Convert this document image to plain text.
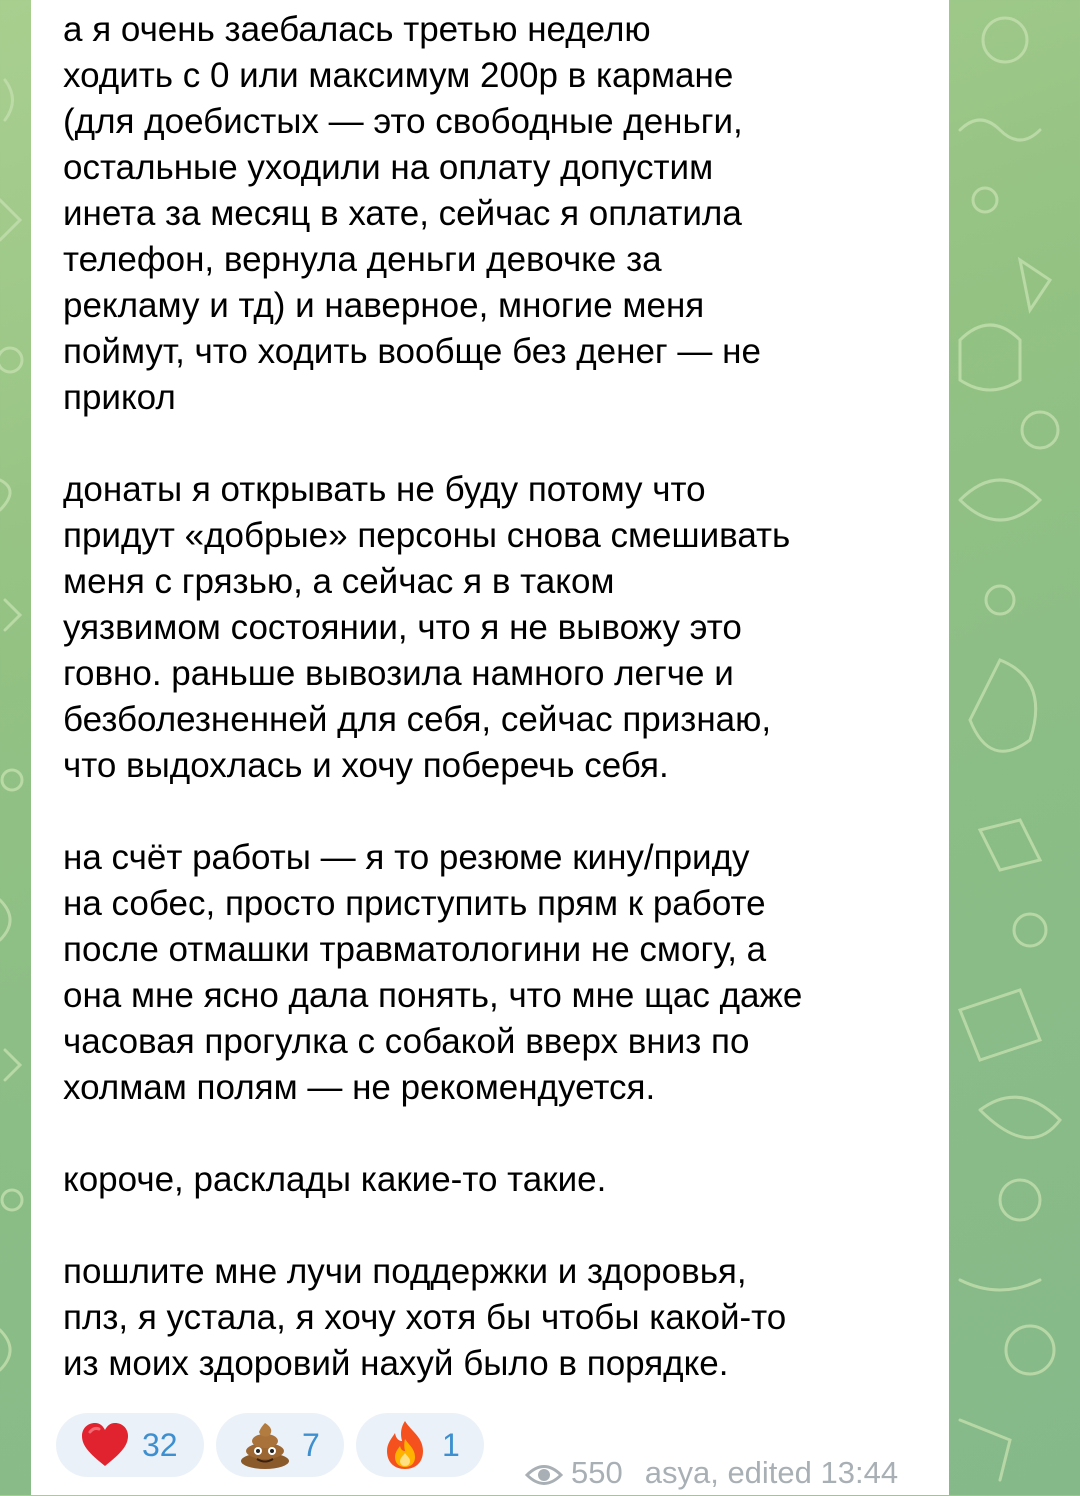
а я очень заебалась третью неделю
ходить с 0 или максимум 200р в кармане
(для доебистых — это свободные деньги,
остальные уходили на оплату допустим
инета за месяц в хате, сейчас я оплатила
телефон, вернула деньги девочке за
рекламу и тд) и наверное, многие меня
поймут, что ходить вообще без денег — не
прикол

донаты я открывать не буду потому что
придут «добрые» персоны снова смешивать
меня с грязью, а сейчас я в таком
уязвимом состоянии, что я не вывожу это
говно. раньше вывозила намного легче и
безболезненней для себя, сейчас признаю,
что выдохлась и хочу поберечь себя.

на счёт работы — я то резюме кину/приду
на собес, просто приступить прям к работе
после отмашки травматологини не смогу, а
она мне ясно дала понять, что мне щас даже
часовая прогулка с собакой вверх вниз по
холмам полям — не рекомендуется.

короче, расклады какие-то такие.

пошлите мне лучи поддержки и здоровья,
плз, я устала, я хочу хотя бы чтобы какой-то
из моих здоровий нахуй было в порядке.

32	7	1
550 asya, edited 13:44
